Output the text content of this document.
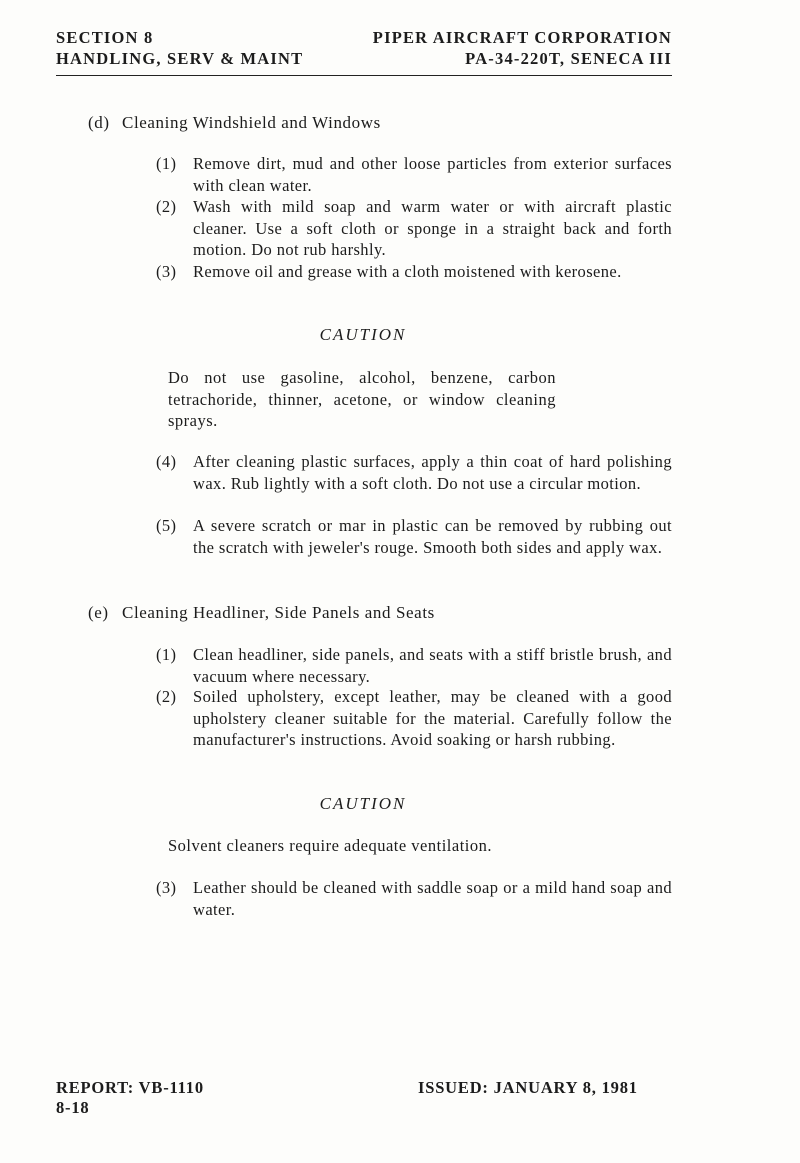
SECTION 8	PIPER AIRCRAFT CORPORATION
HANDLING, SERV & MAINT	PA-34-220T, SENECA III
(d) Cleaning Windshield and Windows
(1)	Remove dirt, mud and other loose particles from exterior surfaces with clean water.
(2)	Wash with mild soap and warm water or with aircraft plastic cleaner. Use a soft cloth or sponge in a straight back and forth motion. Do not rub harshly.
(3)	Remove oil and grease with a cloth moistened with kerosene.
CAUTION
Do not use gasoline, alcohol, benzene, carbon tetrachoride, thinner, acetone, or window cleaning sprays.
(4)	After cleaning plastic surfaces, apply a thin coat of hard polishing wax. Rub lightly with a soft cloth. Do not use a circular motion.
(5)	A severe scratch or mar in plastic can be removed by rubbing out the scratch with jeweler's rouge. Smooth both sides and apply wax.
(e) Cleaning Headliner, Side Panels and Seats
(1)	Clean headliner, side panels, and seats with a stiff bristle brush, and vacuum where necessary.
(2)	Soiled upholstery, except leather, may be cleaned with a good upholstery cleaner suitable for the material. Carefully follow the manufacturer's instructions. Avoid soaking or harsh rubbing.
CAUTION
Solvent cleaners require adequate ventilation.
(3)	Leather should be cleaned with saddle soap or a mild hand soap and water.
REPORT: VB-1110
8-18
ISSUED: JANUARY 8, 1981
